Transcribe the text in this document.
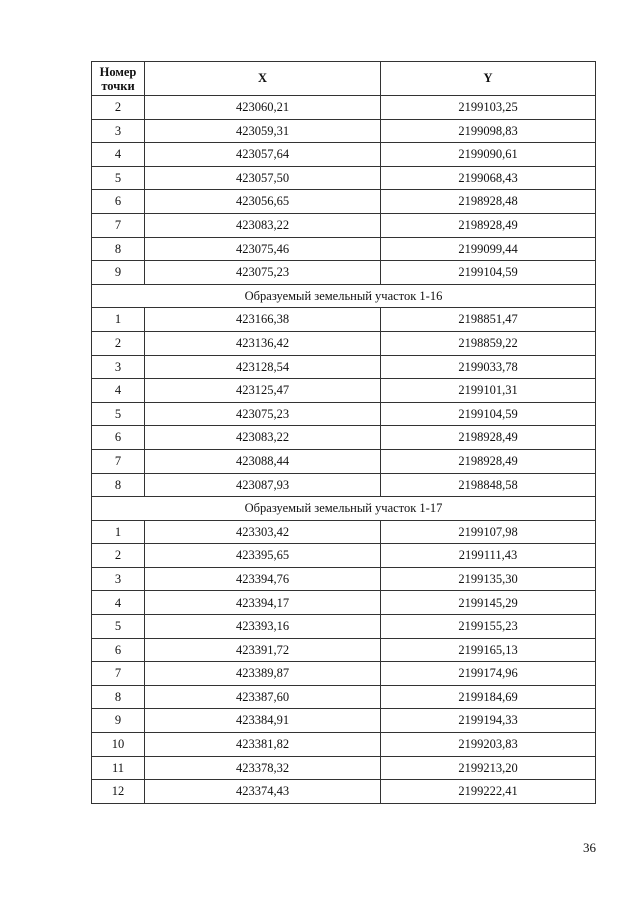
Номер
точки	X	Y
2	423060,21	2199103,25
3	423059,31	2199098,83
4	423057,64	2199090,61
5	423057,50	2199068,43
6	423056,65	2198928,48
7	423083,22	2198928,49
8	423075,46	2199099,44
9	423075,23	2199104,59
Образуемый земельный участок 1-16		
1	423166,38	2198851,47
2	423136,42	2198859,22
3	423128,54	2199033,78
4	423125,47	2199101,31
5	423075,23	2199104,59
6	423083,22	2198928,49
7	423088,44	2198928,49
8	423087,93	2198848,58
Образуемый земельный участок 1-17		
1	423303,42	2199107,98
2	423395,65	2199111,43
3	423394,76	2199135,30
4	423394,17	2199145,29
5	423393,16	2199155,23
6	423391,72	2199165,13
7	423389,87	2199174,96
8	423387,60	2199184,69
9	423384,91	2199194,33
10	423381,82	2199203,83
11	423378,32	2199213,20
12	423374,43	2199222,41
36
